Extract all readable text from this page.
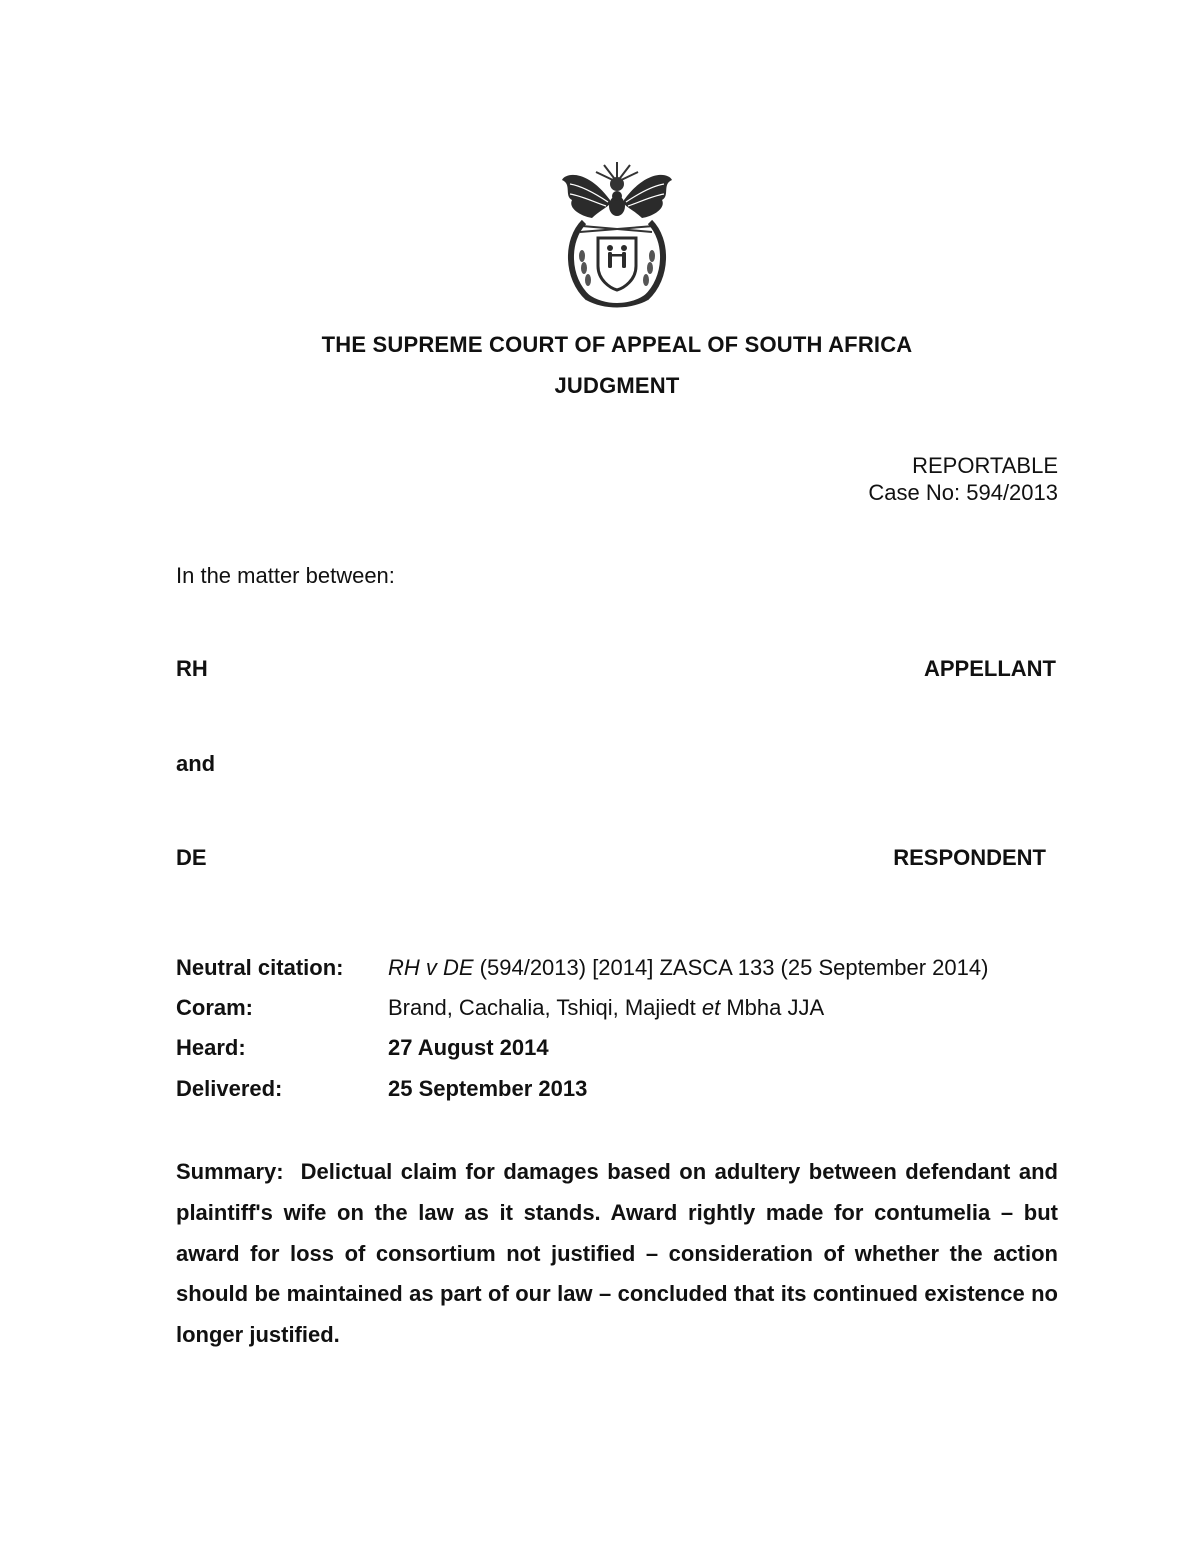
THE SUPREME COURT OF APPEAL OF SOUTH AFRICA
JUDGMENT
REPORTABLE
Case No: 594/2013
In the matter between:
RH	APPELLANT
and
DE	RESPONDENT
Neutral citation: RH v DE (594/2013) [2014] ZASCA 133 (25 September 2014)
Coram:	Brand, Cachalia, Tshiqi, Majiedt et Mbha JJA
Heard:	27 August 2014
Delivered:	25 September 2013

Summary: Delictual claim for damages based on adultery between defendant and plaintiff's wife on the law as it stands. Award rightly made for contumelia – but award for loss of consortium not justified – consideration of whether the action should be maintained as part of our law – concluded that its continued existence no longer justified.
